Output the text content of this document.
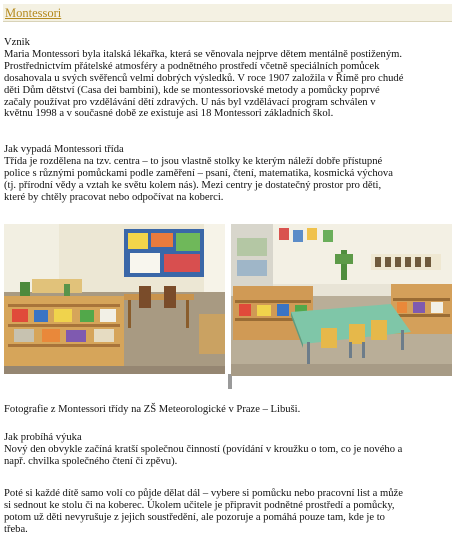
Montessori

Vznik

Maria Montessori byla italská lékařka, která se věnovala nejprve dětem mentálně postiženým.

Prostřednictvím přátelské atmosféry a podnětného prostředí včetně speciálních pomůcek

dosahovala u svých svěřenců velmi dobrých výsledků. V roce 1907 založila v Římě pro chudé

děti Dům dětství (Casa dei bambini), kde se montessoriovské metody a pomůcky poprvé

začaly používat pro vzdělávání dětí zdravých. U nás byl vzdělávací program schválen v

květnu 1998 a v současné době ze existuje asi 18 Montessori základních škol.

Jak vypadá Montessori třída

Třída je rozdělena na tzv. centra – to jsou vlastně stolky ke kterým náleží dobře přístupné

police s různými pomůckami podle zaměření – psaní, čtení, matematika, kosmická výchova

(tj. přírodní vědy a vztah ke světu kolem nás). Mezi centry je dostatečný prostor pro děti,

které by chtěly pracovat nebo odpočívat na koberci.

Fotografie z Montessori třídy na ZŠ Meteorologické v Praze – Libuši.

Jak probíhá výuka

Nový den obvykle začíná kratší společnou činností (povídání v kroužku o tom, co je nového a

např. chvilka společného čtení či zpěvu).

Poté si každé dítě samo volí co půjde dělat dál – vybere si pomůcku nebo pracovní list a může

si sednout ke stolu či na koberec. Úkolem učitele je připravit podnětné prostředí a pomůcky,

potom už děti nevyrušuje z jejich soustředění, ale pozoruje a pomáhá pouze tam, kde je to

třeba.
